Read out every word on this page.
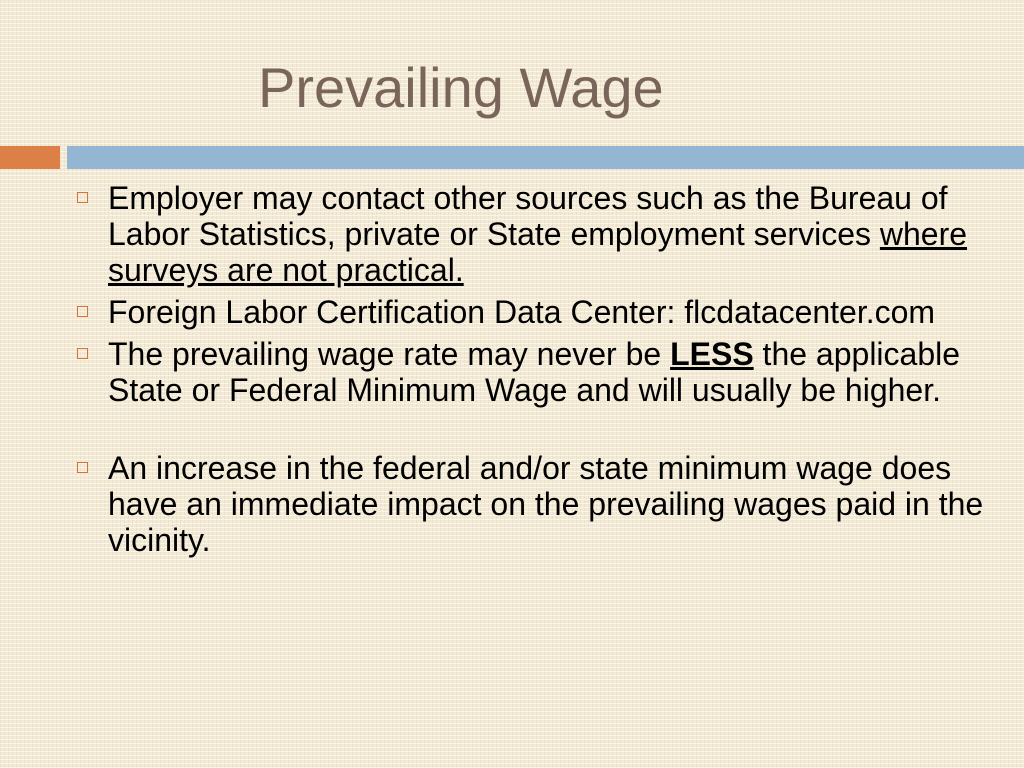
Prevailing Wage
Employer may contact other sources such as the Bureau of Labor Statistics, private or State employment services where surveys are not practical.
Foreign Labor Certification Data Center: flcdatacenter.com
The prevailing wage rate may never be LESS the applicable State or Federal Minimum Wage and will usually be higher.
An increase in the federal and/or state minimum wage does have an immediate impact on the prevailing wages paid in the vicinity.
